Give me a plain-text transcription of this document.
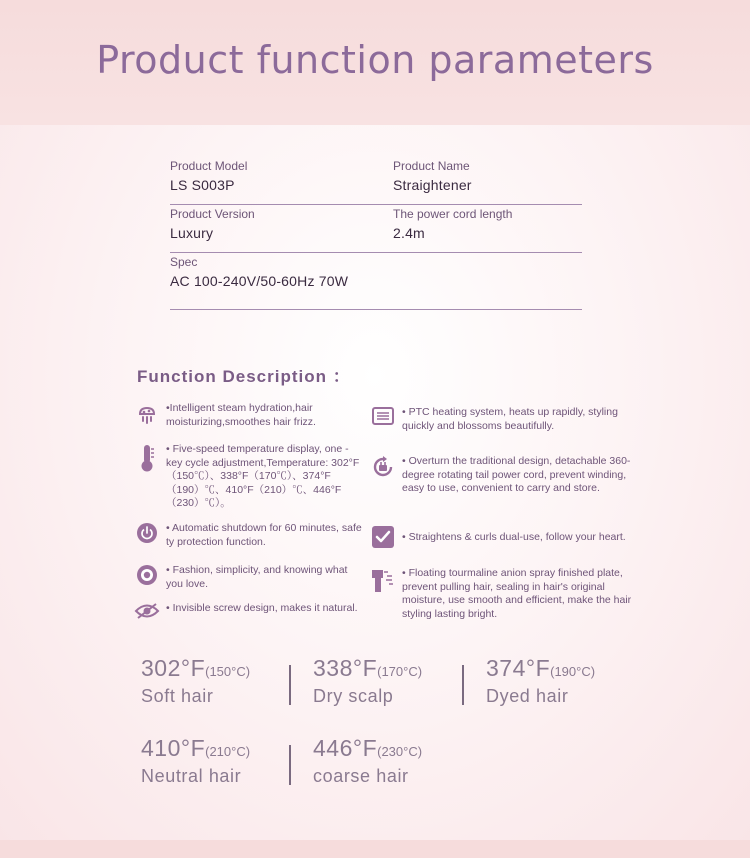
Product function parameters
Product Model
LS S003P
Product Name
Straightener
Product Version
Luxury
The power cord length
2.4m
Spec
AC 100-240V/50-60Hz 70W
Function Description ：
•Intelligent steam hydration,hair moisturizing,smoothes hair frizz.
• Five-speed temperature display, one -key cycle adjustment,Temperature: 302°F（150℃）、338°F（170℃）、374°F（190）℃、410°F（210）℃、446°F（230）℃）。
• Automatic shutdown for 60 minutes, safe ty protection function.
• Fashion, simplicity, and knowing what you love.
• Invisible screw design, makes it natural.
• PTC heating system, heats up rapidly, styling quickly and blossoms beautifully.
• Overturn the traditional design, detachable 360-degree rotating tail power cord, prevent winding, easy to use, convenient to carry and store.
• Straightens & curls dual-use, follow your heart.
• Floating tourmaline anion spray finished plate, prevent pulling hair, sealing in hair's original moisture, use smooth and efficient, make the hair styling lasting bright.
302°F(150°C)
Soft hair
338°F(170°C)
Dry scalp
374°F(190°C)
Dyed hair
410°F(210°C)
Neutral hair
446°F(230°C)
coarse hair
